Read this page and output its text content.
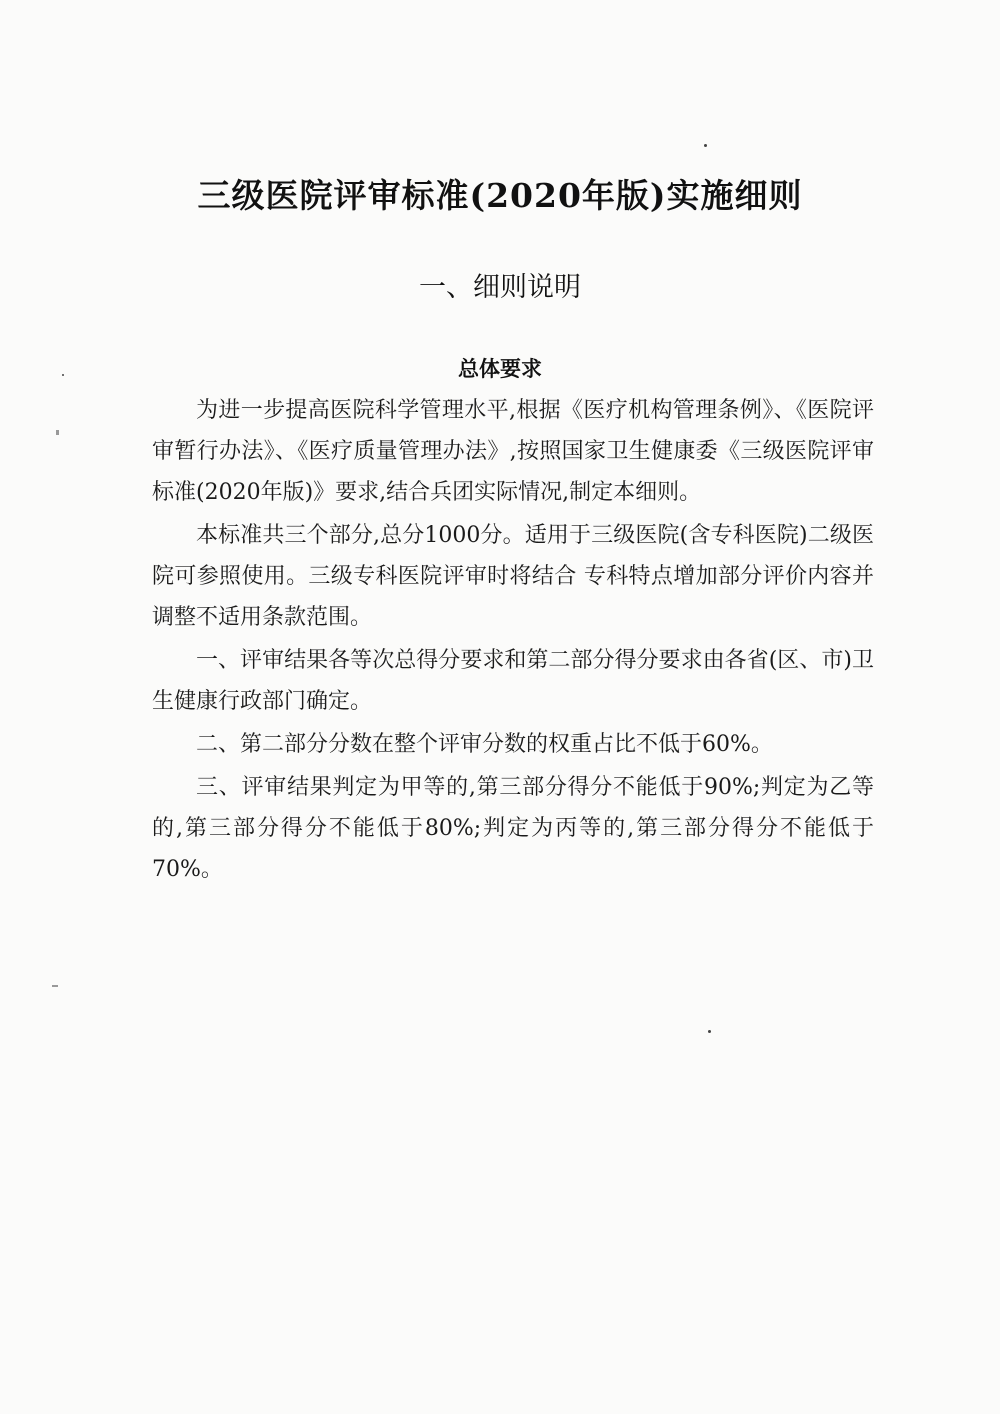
三级医院评审标准(2020年版)实施细则
一、细则说明
总体要求

为进一步提高医院科学管理水平,根据《医疗机构管理条例》、《医院评审暂行办法》、《医疗质量管理办法》,按照国家卫生健康委《三级医院评审标准(2020年版)》要求,结合兵团实际情况,制定本细则。

本标准共三个部分,总分1000分。适用于三级医院(含专科医院)二级医院可参照使用。三级专科医院评审时将结合 专科特点增加部分评价内容并调整不适用条款范围。

一、评审结果各等次总得分要求和第二部分得分要求由各省(区、市)卫生健康行政部门确定。

二、第二部分分数在整个评审分数的权重占比不低于60%。

三、评审结果判定为甲等的,第三部分得分不能低于90%;判定为乙等的,第三部分得分不能低于80%;判定为丙等的,第三部分得分不能低于70%。
